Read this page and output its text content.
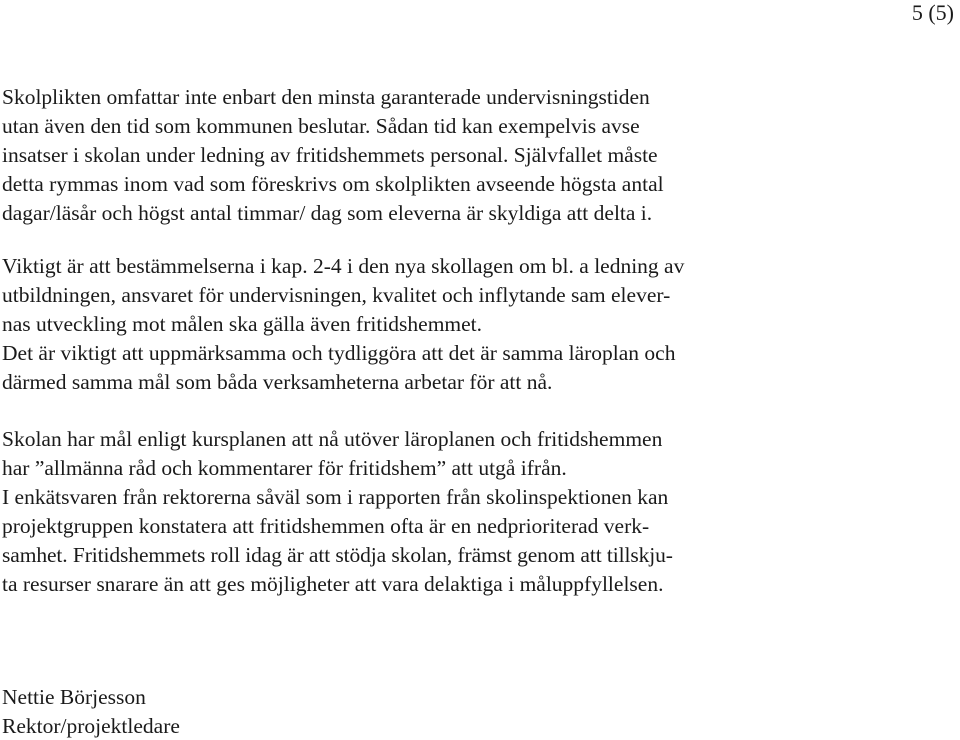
5 (5)
Skolplikten omfattar inte enbart den minsta garanterade undervisningstiden
utan även den tid som kommunen beslutar. Sådan tid kan exempelvis avse
insatser i skolan under ledning av fritidshemmets personal. Självfallet måste
detta rymmas inom vad som föreskrivs om skolplikten avseende högsta antal
dagar/läsår och högst antal timmar/ dag som eleverna är skyldiga att delta i.
Viktigt är att bestämmelserna i kap. 2-4 i den nya skollagen om bl. a ledning av
utbildningen, ansvaret för undervisningen, kvalitet och inflytande sam elever-
nas utveckling mot målen ska gälla även fritidshemmet.
Det är viktigt att uppmärksamma och tydliggöra att det är samma läroplan och
därmed samma mål som båda verksamheterna arbetar för att nå.
Skolan har mål enligt kursplanen att nå utöver läroplanen och fritidshemmen
har ”allmänna råd och kommentarer för fritidshem” att utgå ifrån.
I enkätsvaren från rektorerna såväl som i rapporten från skolinspektionen kan
projektgruppen konstatera att fritidshemmen ofta är en nedprioriterad verk-
samhet. Fritidshemmets roll idag är att stödja skolan, främst genom att tillskju-
ta resurser snarare än att ges möjligheter att vara delaktiga i måluppfyllelsen.
Nettie Börjesson
Rektor/projektledare
